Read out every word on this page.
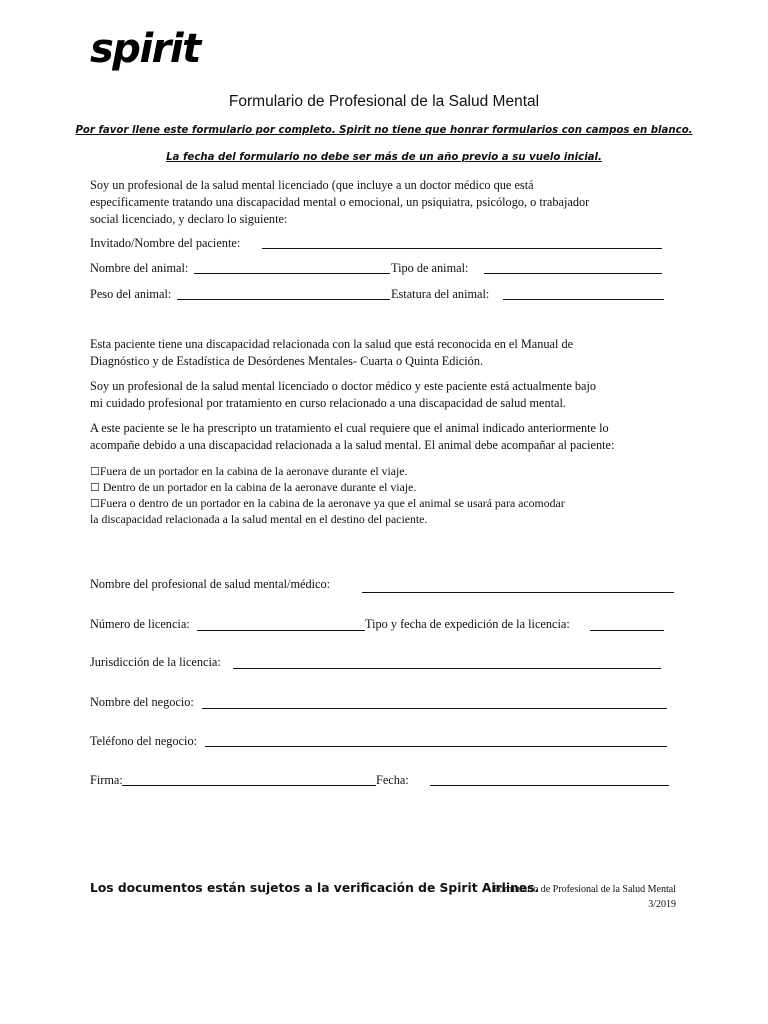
spirit
Formulario de Profesional de la Salud Mental
Por favor llene este formulario por completo. Spirit no tiene que honrar formularios con campos en blanco.
La fecha del formulario no debe ser más de un año previo a su vuelo inicial.
Soy un profesional de la salud mental licenciado (que incluye a un doctor médico que está
específicamente tratando una discapacidad mental o emocional, un psiquiatra, psicólogo, o trabajador
social licenciado, y declaro lo siguiente:
Invitado/Nombre del paciente:
Nombre del animal:	Tipo de animal:
Peso del animal:	Estatura del animal:
Esta paciente tiene una discapacidad relacionada con la salud que está reconocida en el Manual de
Diagnóstico y de Estadística de Desórdenes Mentales- Cuarta o Quinta Edición.
Soy un profesional de la salud mental licenciado o doctor médico y este paciente está actualmente bajo
mi cuidado profesional por tratamiento en curso relacionado a una discapacidad de salud mental.
A este paciente se le ha prescripto un tratamiento el cual requiere que el animal indicado anteriormente lo
acompañe debido a una discapacidad relacionada a la salud mental. El animal debe acompañar al paciente:
☐Fuera de un portador en la cabina de la aeronave durante el viaje.
☐ Dentro de un portador en la cabina de la aeronave durante el viaje.
☐Fuera o dentro de un portador en la cabina de la aeronave ya que el animal se usará para acomodar
la discapacidad relacionada a la salud mental en el destino del paciente.
Nombre del profesional de salud mental/médico:
Número de licencia:	Tipo y fecha de expedición de la licencia:
Jurisdicción de la licencia:
Nombre del negocio:
Teléfono del negocio:
Firma:	Fecha:
Los documentos están sujetos a la verificación de Spirit Airlines.
Formulario de Profesional de la Salud Mental
3/2019
